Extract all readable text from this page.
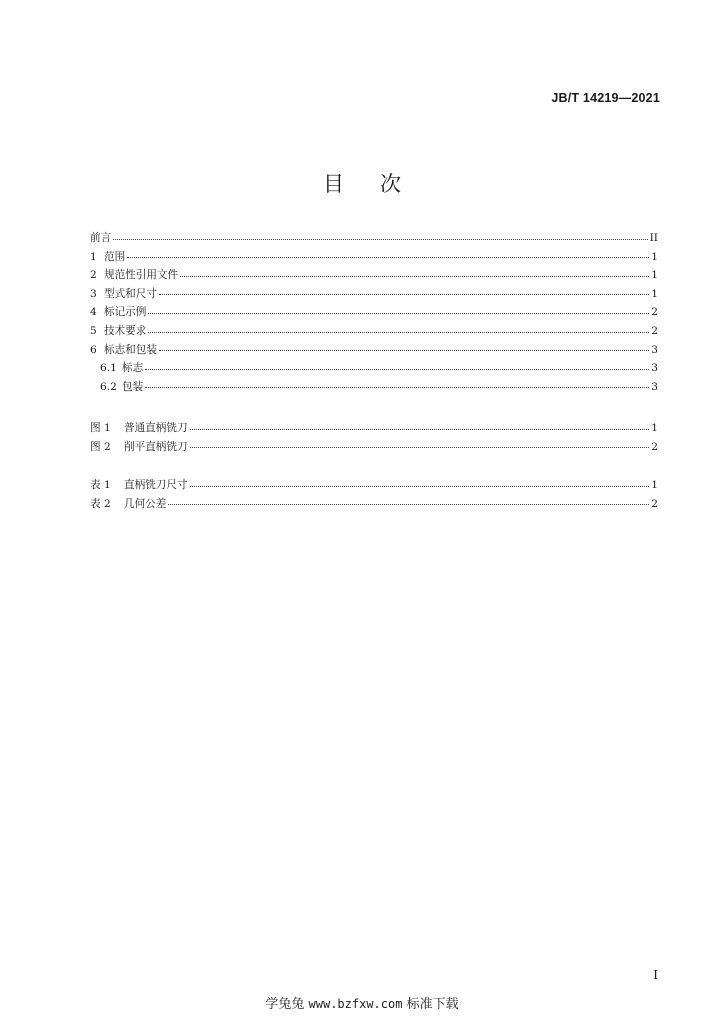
JB/T 14219—2021
目 次
前言	II
1 范围	1
2 规范性引用文件	1
3 型式和尺寸	1
4 标记示例	2
5 技术要求	2
6 标志和包装	3
6.1 标志	3
6.2 包装	3
图 1	普通直柄铣刀	1
图 2	削平直柄铣刀	2
表 1	直柄铣刀尺寸	1
表 2	几何公差	2
I
学兔兔 www.bzfxw.com 标准下载
